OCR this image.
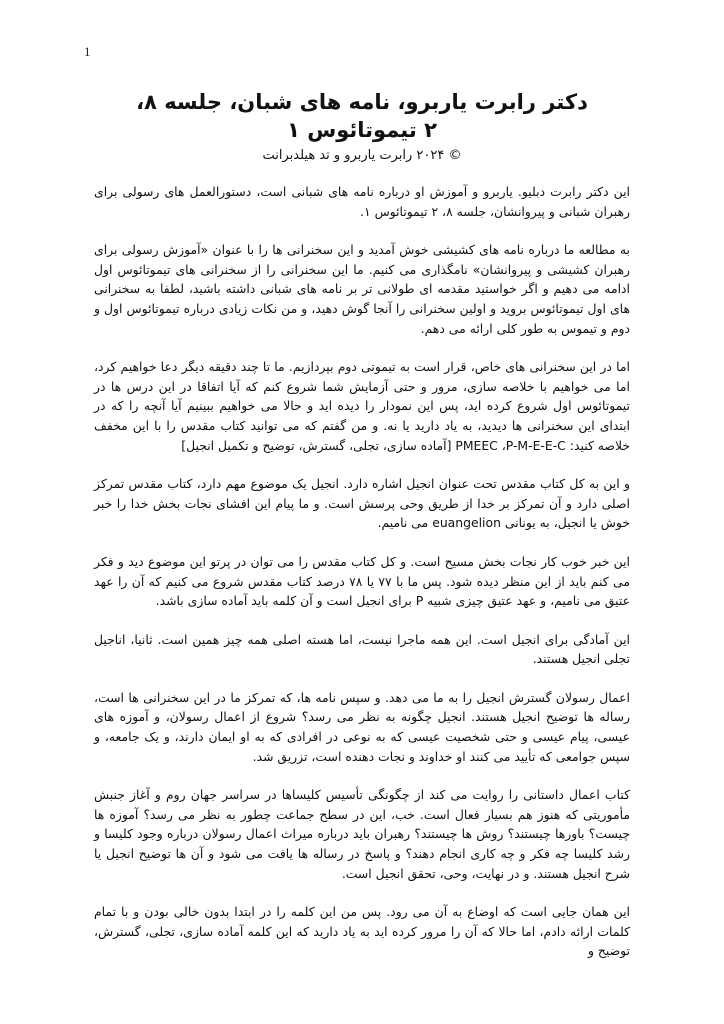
1
دکتر رابرت یاربرو، نامه های شبان، جلسه ۸،
۲ تیموتائوس ۱
© ۲۰۲۴ رابرت یاربرو و تد هیلدبرانت

این دکتر رابرت دبلیو. یاربرو و آموزش او درباره نامه های شبانی است، دستورالعمل های رسولی برای رهبران شبانی و پیروانشان، جلسه ۸، ۲ تیموتائوس ۱.

به مطالعه ما درباره نامه های کشیشی خوش آمدید و این سخنرانی ها را با عنوان «آموزش رسولی برای رهبران کشیشی و پیروانشان» نامگذاری می کنیم. ما این سخنرانی را از سخنرانی های تیموتائوس اول ادامه می دهیم و اگر خواستید مقدمه ای طولانی تر بر نامه های شبانی داشته باشید، لطفا به سخنرانی های اول تیموتائوس بروید و اولین سخنرانی را آنجا گوش دهید، و من نکات زیادی درباره تیموتائوس اول و دوم و تیموس به طور کلی ارائه می دهم.

اما در این سخنرانی های خاص، قرار است به تیموتی دوم بپردازیم. ما تا چند دقیقه دیگر دعا خواهیم کرد، اما می خواهیم با خلاصه سازی، مرور و حتی آزمایش شما شروع کنم که آیا اتفاقا در این درس ها در تیموتائوس اول شروع کرده اید، پس این نمودار را دیده اید و حالا می خواهیم ببینیم آیا آنچه را که در ابتدای این سخنرانی ها دیدید، به یاد دارید یا نه. و من گفتم که می توانید کتاب مقدس را با این مخفف خلاصه کنید: PMEEC ،P-M-E-E-C [آماده سازی، تجلی، گسترش، توضیح و تکمیل انجیل]

و این به کل کتاب مقدس تحت عنوان انجیل اشاره دارد. انجیل یک موضوع مهم دارد، کتاب مقدس تمرکز اصلی دارد و آن تمرکز بر خدا از طریق وحی پرسش است. و ما پیام این افشای نجات بخش خدا را خبر خوش یا انجیل، به یونانی euangelion می نامیم.

این خبر خوب کار نجات بخش مسیح است. و کل کتاب مقدس را می توان در پرتو این موضوع دید و فکر می کنم باید از این منظر دیده شود. پس ما با ۷۷ یا ۷۸ درصد کتاب مقدس شروع می کنیم که آن را عهد عتیق می نامیم، و عهد عتیق چیزی شبیه P برای انجیل است و آن کلمه باید آماده سازی باشد.

این آمادگی برای انجیل است. این همه ماجرا نیست، اما هسته اصلی همه چیز همین است. ثانیا، اناجیل تجلی انجیل هستند.

اعمال رسولان گسترش انجیل را به ما می دهد. و سپس نامه ها، که تمرکز ما در این سخنرانی ها است، رساله ها توضیح انجیل هستند. انجیل چگونه به نظر می رسد؟ شروع از اعمال رسولان، و آموزه های عیسی، پیام عیسی و حتی شخصیت عیسی که به نوعی در افرادی که به او ایمان دارند، و یک جامعه، و سپس جوامعی که تأیید می کنند او خداوند و نجات دهنده است، تزریق شد.

کتاب اعمال داستانی را روایت می کند از چگونگی تأسیس کلیساها در سراسر جهان روم و آغاز جنبش مأموریتی که هنوز هم بسیار فعال است. خب، این در سطح جماعت چطور به نظر می رسد؟ آموزه ها چیست؟ باورها چیستند؟ روش ها چیستند؟ رهبران باید درباره میراث اعمال رسولان درباره وجود کلیسا و رشد کلیسا چه فکر و چه کاری انجام دهند؟ و پاسخ در رساله ها یافت می شود و آن ها توضیح انجیل یا شرح انجیل هستند. و در نهایت، وحی، تحقق انجیل است.

این همان جایی است که اوضاع به آن می رود. پس من این کلمه را در ابتدا بدون خالی بودن و با تمام کلمات ارائه دادم، اما حالا که آن را مرور کرده اید به یاد دارید که این کلمه آماده سازی، تجلی، گسترش، توضیح و
